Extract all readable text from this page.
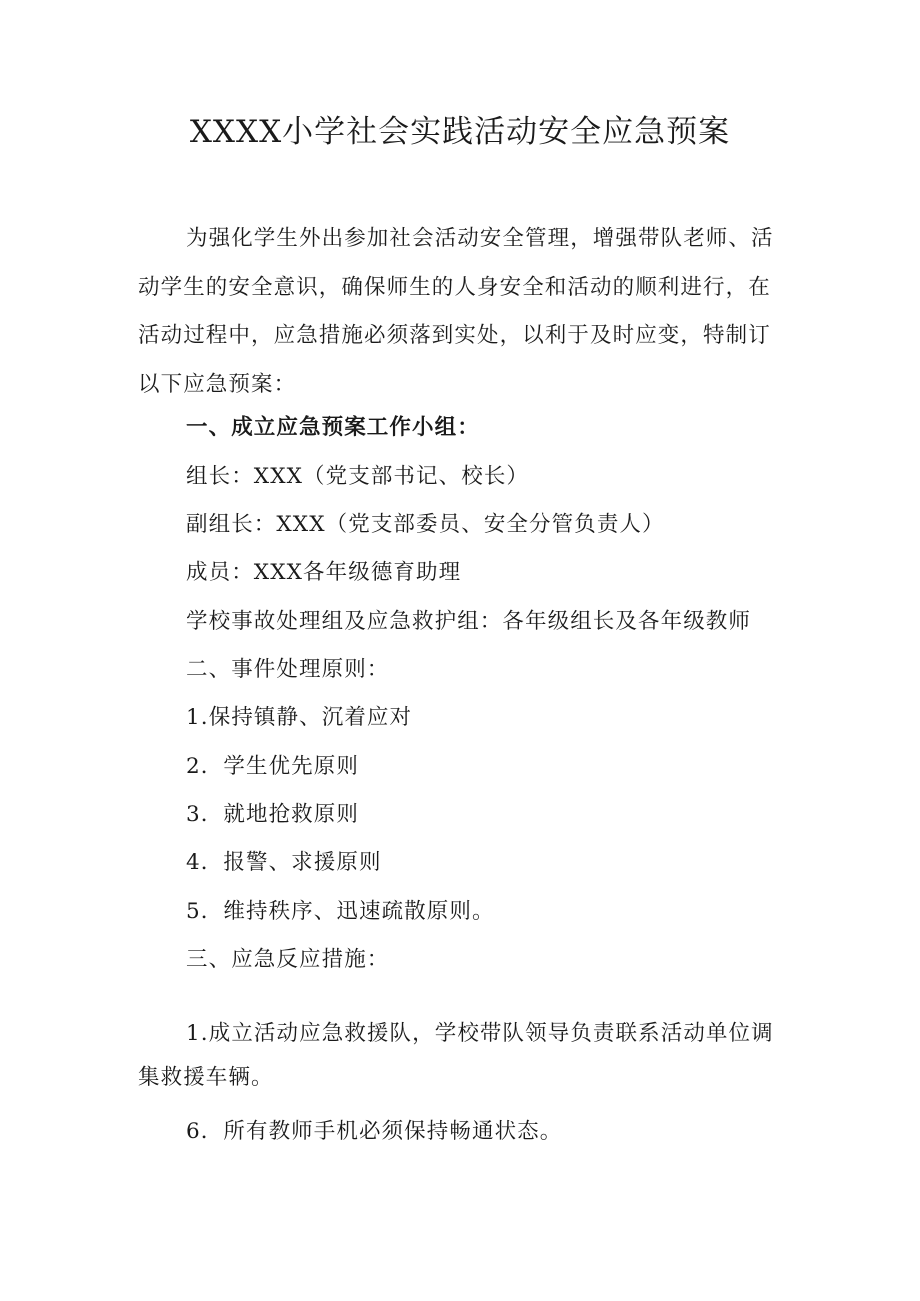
XXXX小学社会实践活动安全应急预案
为强化学生外出参加社会活动安全管理，增强带队老师、活
动学生的安全意识，确保师生的人身安全和活动的顺利进行，在
活动过程中，应急措施必须落到实处，以利于及时应变，特制订
以下应急预案：
一、成立应急预案工作小组：
组长：XXX（党支部书记、校长）
副组长：XXX（党支部委员、安全分管负责人）
成员：XXX各年级德育助理
学校事故处理组及应急救护组：各年级组长及各年级教师
二、事件处理原则：
1.保持镇静、沉着应对
2．学生优先原则
3．就地抢救原则
4．报警、求援原则
5．维持秩序、迅速疏散原则。
三、应急反应措施：
1.成立活动应急救援队，学校带队领导负责联系活动单位调
集救援车辆。
6．所有教师手机必须保持畅通状态。
